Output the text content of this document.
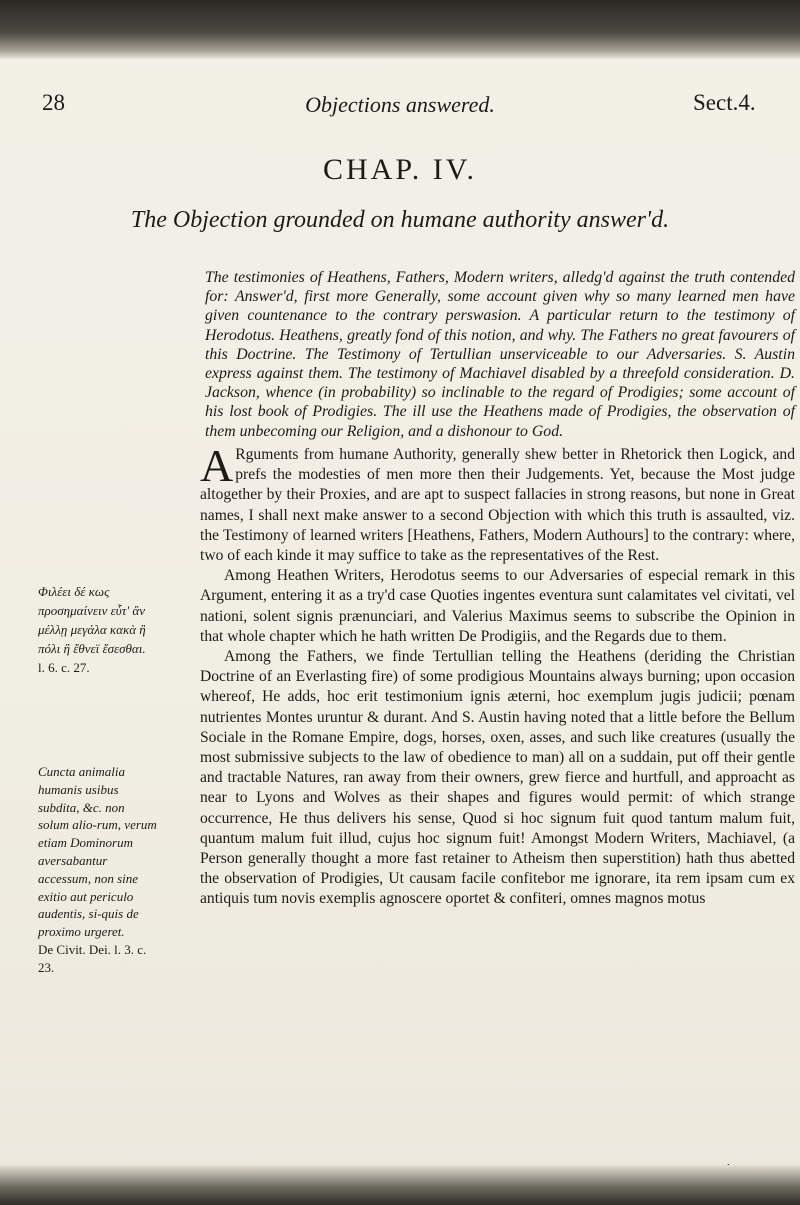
28	Objections answered.	Sect.4.
CHAP. IV.
The Objection grounded on humane authority answer'd.
The testimonies of Heathens, Fathers, Modern writers, alledg'd against the truth contended for: Answer'd, first more Generally, some account given why so many learned men have given countenance to the contrary perswasion. A particular return to the testimony of Herodotus. Heathens, greatly fond of this notion, and why. The Fathers no great favourers of this Doctrine. The Testimony of Tertullian unserviceable to our Adversaries. S. Austin express against them. The testimony of Machiavel disabled by a threefold consideration. D. Jackson, whence (in probability) so inclinable to the regard of Prodigies; some account of his lost book of Prodigies. The ill use the Heathens made of Prodigies, the observation of them unbecoming our Religion, and a dishonour to God.

A Rguments from humane Authority, generally shew better in Rhetorick then Logick, and prefs the modesties of men more then their Judgements. Yet, because the Most judge altogether by their Proxies, and are apt to suspect fallacies in strong reasons, but none in Great names, I shall next make answer to a second Objection with which this truth is assaulted, viz. the Testimony of learned writers [Heathens, Fathers, Modern Authours] to the contrary: where, two of each kinde it may suffice to take as the representatives of the Rest.

Among Heathen Writers, Herodotus seems to our Adversaries of especial remark in this Argument, entering it as a try'd case Quoties ingentes eventura sunt calamitates vel civitati, vel nationi, solent signis prænunciari, and Valerius Maximus seems to subscribe the Opinion in that whole chapter which he hath written De Prodigiis, and the Regards due to them.

Among the Fathers, we finde Tertullian telling the Heathens (deriding the Christian Doctrine of an Everlasting fire) of some prodigious Mountains always burning; upon occasion whereof, He adds, hoc erit testimonium ignis æterni, hoc exemplum jugis judicii; pœnam nutrientes Montes uruntur & durant. And S. Austin having noted that a little before the Bellum Sociale in the Romane Empire, dogs, horses, oxen, asses, and such like creatures (usually the most submissive subjects to the law of obedience to man) all on a suddain, put off their gentle and tractable Natures, ran away from their owners, grew fierce and hurtfull, and approacht as near to Lyons and Wolves as their shapes and figures would permit: of which strange occurrence, He thus delivers his sense, Quod si hoc signum fuit quod tantum malum fuit, quantum malum fuit illud, cujus hoc signum fuit! Amongst Modern Writers, Machiavel, (a Person generally thought a more fast retainer to Atheism then superstition) hath thus abetted the observation of Prodigies, Ut causam facile confitebor me ignorare, ita rem ipsam cum ex antiquis tum novis exemplis agnoscere oportet & confiteri, omnes magnos motus

Φιλέει δέ κως προσημαίνειν εὖτ' ἂν μέλλῃ μεγάλα κακὰ ἢ πόλι ἢ ἔθνεϊ ἔσεσθαι.
l. 6. c. 27.
Cuncta animalia humanis usibus subdita, &c. non solum alio-rum, verum etiam Dominorum aversabantur accessum, non sine exitio aut periculo audentis, si-quis de proximo urgeret.
De Civit. Dei. l. 3. c. 23.
